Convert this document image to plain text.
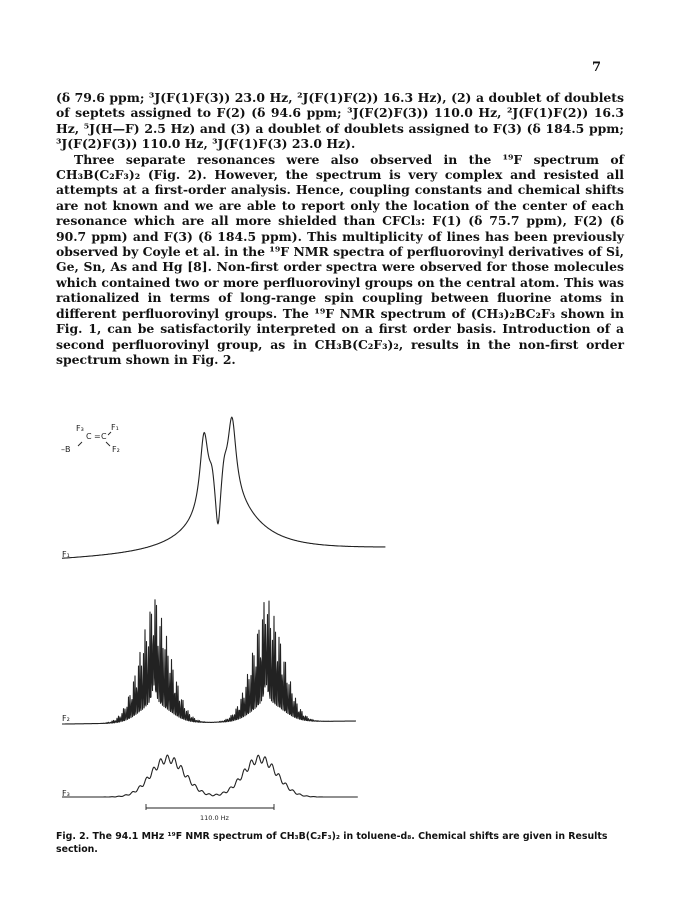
7

(δ 79.6 ppm; ³J(F(1)F(3)) 23.0 Hz, ²J(F(1)F(2)) 16.3 Hz), (2) a doublet of doublets of septets assigned to F(2) (δ 94.6 ppm; ³J(F(2)F(3)) 110.0 Hz, ²J(F(1)F(2)) 16.3 Hz, ⁵J(H—F) 2.5 Hz) and (3) a doublet of doublets assigned to F(3) (δ 184.5 ppm; ³J(F(2)F(3)) 110.0 Hz, ³J(F(1)F(3) 23.0 Hz).

Three separate resonances were also observed in the ¹⁹F spectrum of CH₃B(C₂F₃)₂ (Fig. 2). However, the spectrum is very complex and resisted all attempts at a first-order analysis. Hence, coupling constants and chemical shifts are not known and we are able to report only the location of the center of each resonance which are all more shielded than CFCl₃: F(1) (δ 75.7 ppm), F(2) (δ 90.7 ppm) and F(3) (δ 184.5 ppm). This multiplicity of lines has been previously observed by Coyle et al. in the ¹⁹F NMR spectra of perfluorovinyl derivatives of Si, Ge, Sn, As and Hg [8]. Non-first order spectra were observed for those molecules which contained two or more perfluorovinyl groups on the central atom. This was rationalized in terms of long-range spin coupling between fluorine atoms in different perfluorovinyl groups. The ¹⁹F NMR spectrum of (CH₃)₂BC₂F₃ shown in Fig. 1, can be satisfactorily interpreted on a first order basis. Introduction of a second perfluorovinyl group, as in CH₃B(C₂F₃)₂, results in the non-first order spectrum shown in Fig. 2.

F₃
C = C
F₁
–B	F₂
F₁
F₂
F₃
110.0 Hz
Fig. 2. The 94.1 MHz ¹⁹F NMR spectrum of CH₃B(C₂F₃)₂ in toluene-d₈. Chemical shifts are given in Results section.
